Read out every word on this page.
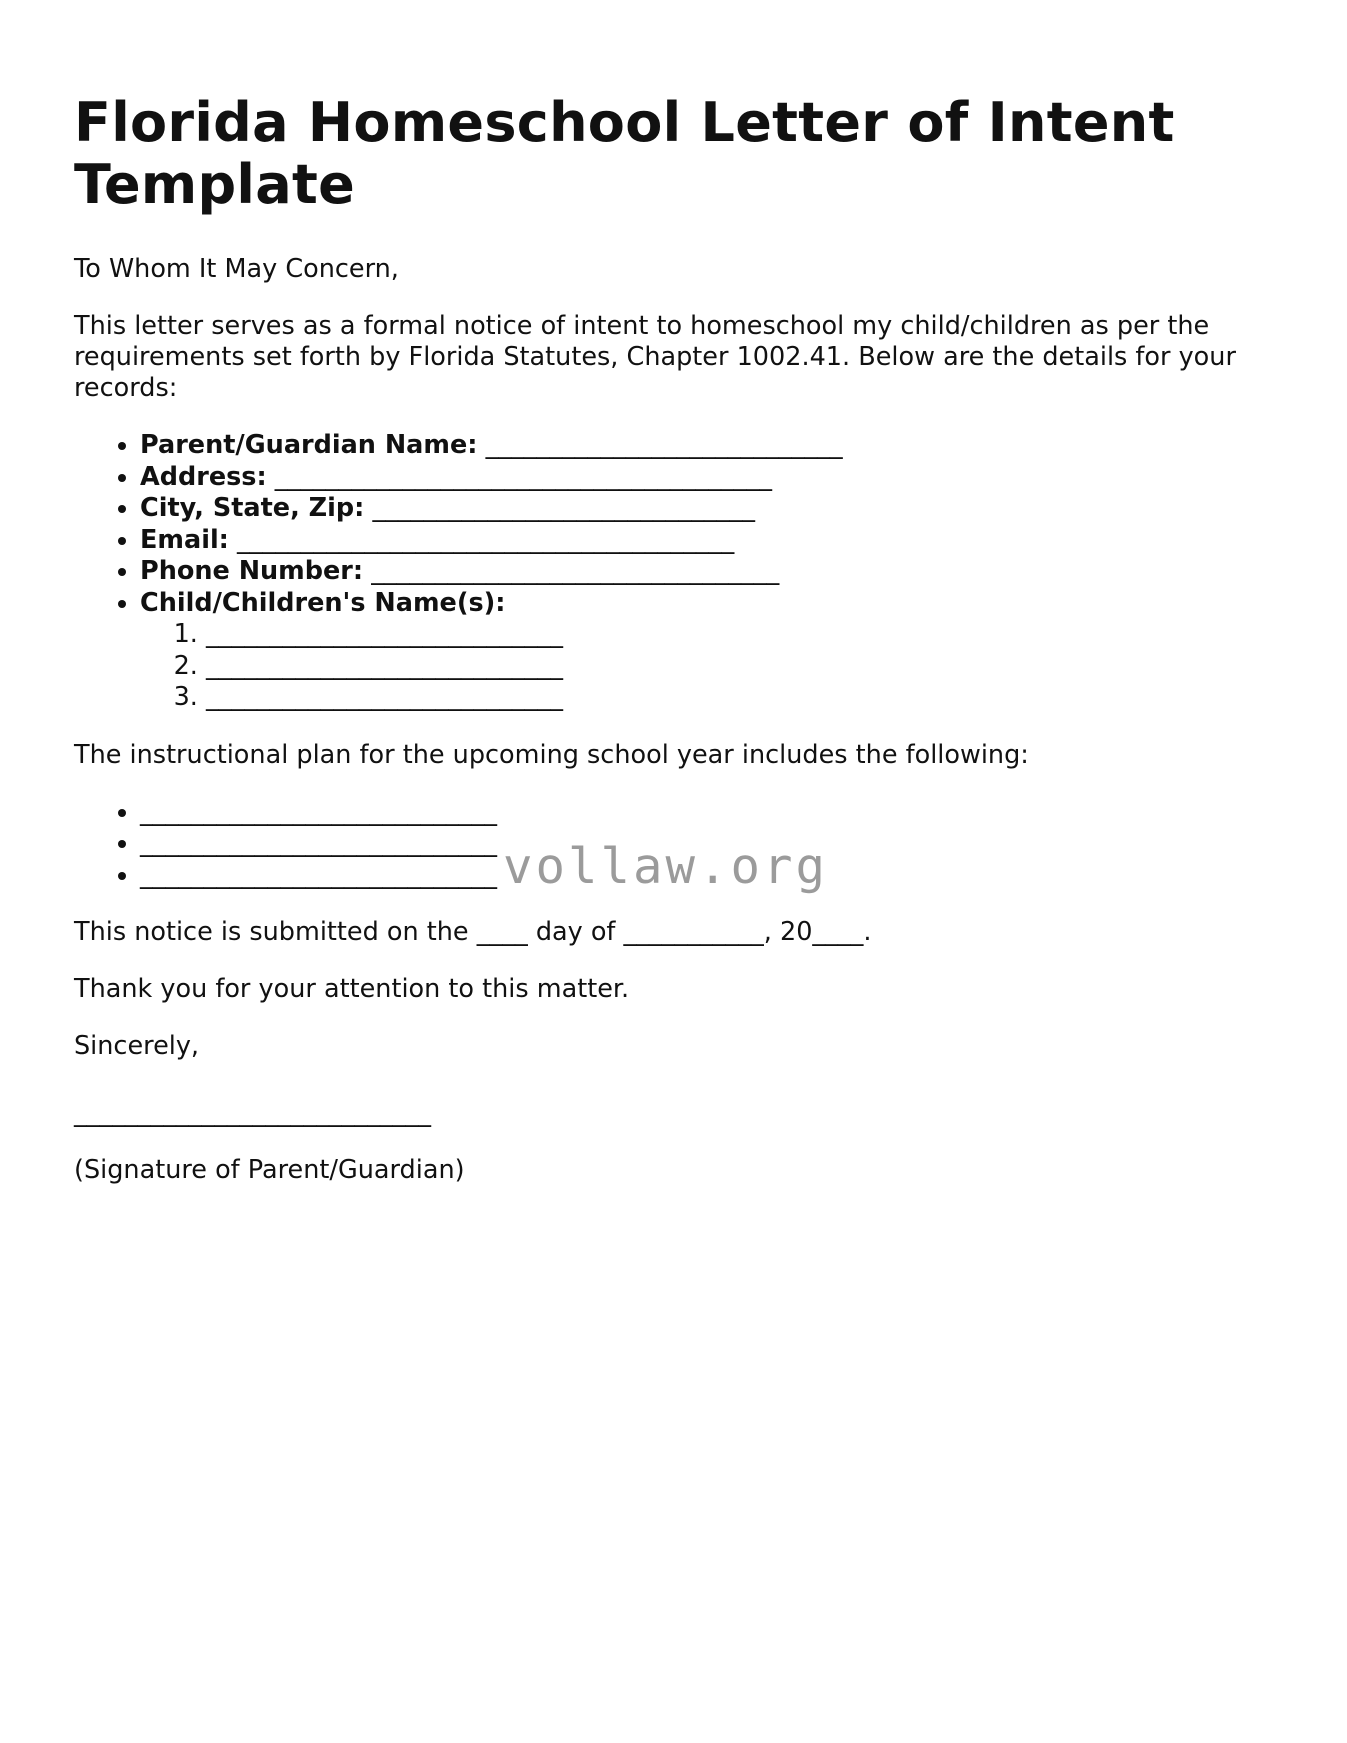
Florida Homeschool Letter of Intent Template

To Whom It May Concern,

This letter serves as a formal notice of intent to homeschool my child/children as per the requirements set forth by Florida Statutes, Chapter 1002.41. Below are the details for your records:

• Parent/Guardian Name: ____________________________
• Address: _______________________________________
• City, State, Zip: ______________________________
• Email: _______________________________________
• Phone Number: ________________________________
• Child/Children's Name(s):
1. ____________________________
2. ____________________________
3. ____________________________

The instructional plan for the upcoming school year includes the following:

• ____________________________
• ____________________________
• ____________________________

This notice is submitted on the ____ day of ___________, 20____.

Thank you for your attention to this matter.

Sincerely,

____________________________

(Signature of Parent/Guardian)

vollaw.org
